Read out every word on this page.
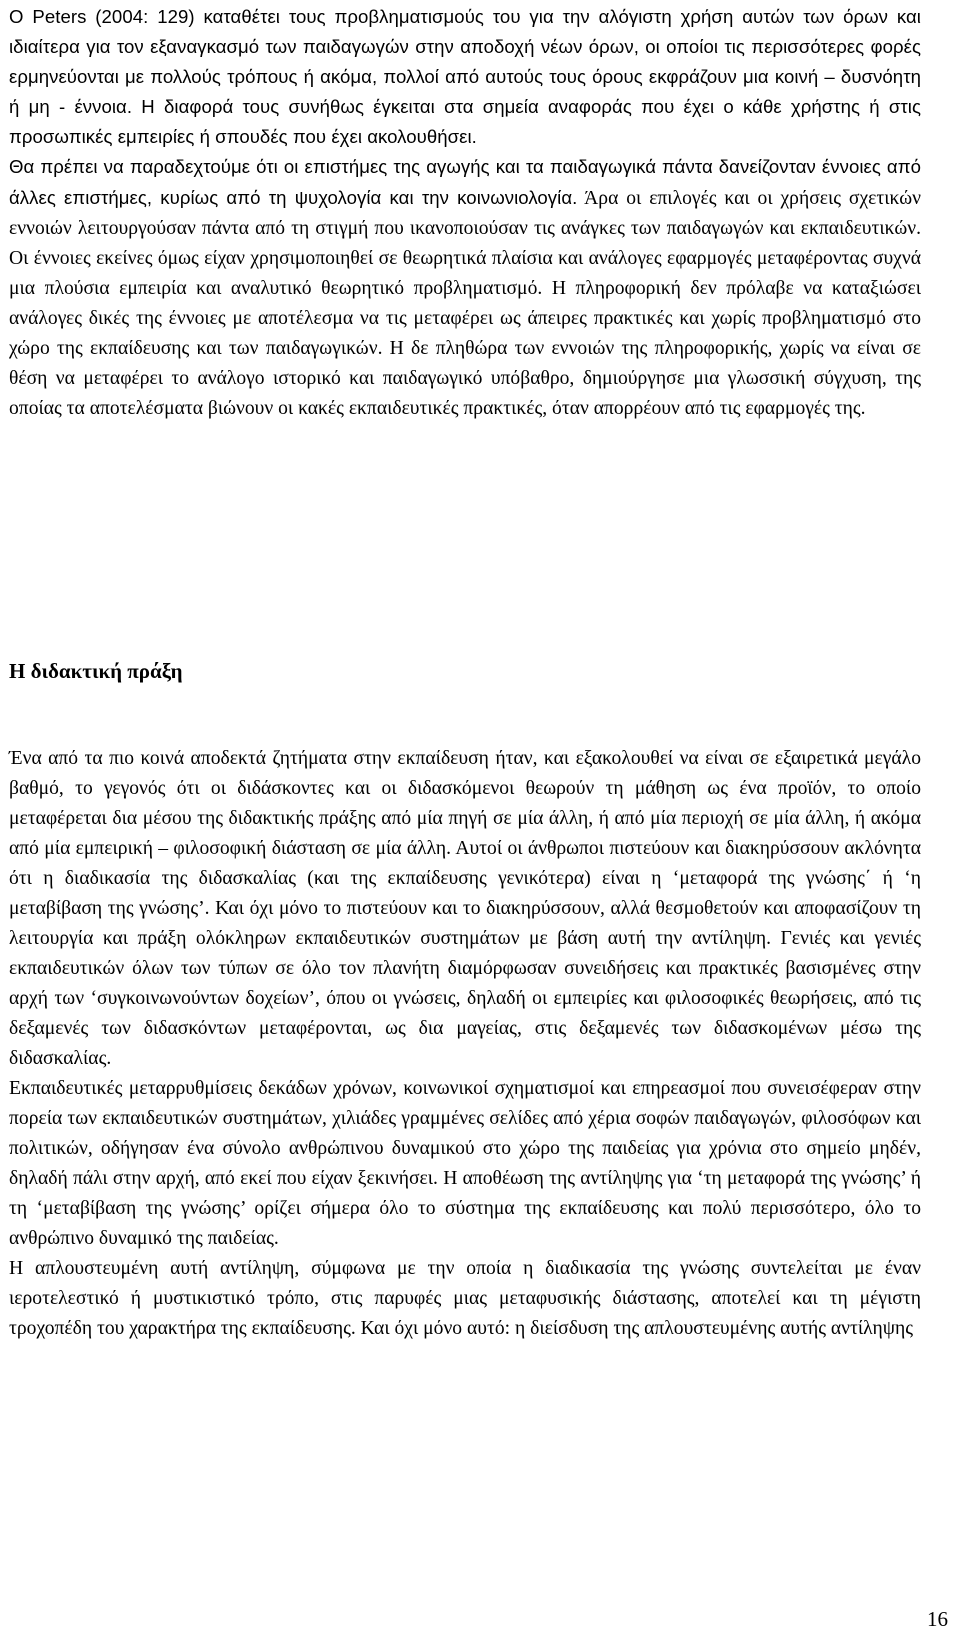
O Peters (2004: 129) καταθέτει τους προβληματισμούς του για την αλόγιστη χρήση αυτών των όρων και ιδιαίτερα για τον εξαναγκασμό των παιδαγωγών στην αποδοχή νέων όρων, οι οποίοι τις περισσότερες φορές ερμηνεύονται με πολλούς τρόπους ή ακόμα, πολλοί από αυτούς τους όρους εκφράζουν μια κοινή – δυσνόητη ή μη - έννοια. Η διαφορά τους συνήθως έγκειται στα σημεία αναφοράς που έχει ο κάθε χρήστης ή στις προσωπικές εμπειρίες ή σπουδές που έχει ακολουθήσει.

Θα πρέπει να παραδεχτούμε ότι οι επιστήμες της αγωγής και τα παιδαγωγικά πάντα δανείζονταν έννοιες από άλλες επιστήμες, κυρίως από τη ψυχολογία και την κοινωνιολογία. Άρα οι επιλογές και οι χρήσεις σχετικών εννοιών λειτουργούσαν πάντα από τη στιγμή που ικανοποιούσαν τις ανάγκες των παιδαγωγών και εκπαιδευτικών. Οι έννοιες εκείνες όμως είχαν χρησιμοποιηθεί σε θεωρητικά πλαίσια και ανάλογες εφαρμογές μεταφέροντας συχνά μια πλούσια εμπειρία και αναλυτικό θεωρητικό προβληματισμό. Η πληροφορική δεν πρόλαβε να καταξιώσει ανάλογες δικές της έννοιες με αποτέλεσμα να τις μεταφέρει ως άπειρες πρακτικές και χωρίς προβληματισμό στο χώρο της εκπαίδευσης και των παιδαγωγικών. Η δε πληθώρα των εννοιών της πληροφορικής, χωρίς να είναι σε θέση να μεταφέρει το ανάλογο ιστορικό και παιδαγωγικό υπόβαθρο, δημιούργησε μια γλωσσική σύγχυση, της οποίας τα αποτελέσματα βιώνουν οι κακές εκπαιδευτικές πρακτικές, όταν απορρέουν από τις εφαρμογές της.

Η διδακτική πράξη

Ένα από τα πιο κοινά αποδεκτά ζητήματα στην εκπαίδευση ήταν, και εξακολουθεί να είναι σε εξαιρετικά μεγάλο βαθμό, το γεγονός ότι οι διδάσκοντες και οι διδασκόμενοι θεωρούν τη μάθηση ως ένα προϊόν, το οποίο μεταφέρεται δια μέσου της διδακτικής πράξης από μία πηγή σε μία άλλη, ή από μία περιοχή σε μία άλλη, ή ακόμα από μία εμπειρική – φιλοσοφική διάσταση σε μία άλλη. Αυτοί οι άνθρωποι πιστεύουν και διακηρύσσουν ακλόνητα ότι η διαδικασία της διδασκαλίας (και της εκπαίδευσης γενικότερα) είναι η ‘μεταφορά της γνώσης΄ ή ‘η μεταβίβαση της γνώσης’. Και όχι μόνο το πιστεύουν και το διακηρύσσουν, αλλά θεσμοθετούν και αποφασίζουν τη λειτουργία και πράξη ολόκληρων εκπαιδευτικών συστημάτων με βάση αυτή την αντίληψη. Γενιές και γενιές εκπαιδευτικών όλων των τύπων σε όλο τον πλανήτη διαμόρφωσαν συνειδήσεις και πρακτικές βασισμένες στην αρχή των ‘συγκοινωνούντων δοχείων’, όπου οι γνώσεις, δηλαδή οι εμπειρίες και φιλοσοφικές θεωρήσεις, από τις δεξαμενές των διδασκόντων μεταφέρονται, ως δια μαγείας, στις δεξαμενές των διδασκομένων μέσω της διδασκαλίας.

Εκπαιδευτικές μεταρρυθμίσεις δεκάδων χρόνων, κοινωνικοί σχηματισμοί και επηρεασμοί που συνεισέφεραν στην πορεία των εκπαιδευτικών συστημάτων, χιλιάδες γραμμένες σελίδες από χέρια σοφών παιδαγωγών, φιλοσόφων και πολιτικών, οδήγησαν ένα σύνολο ανθρώπινου δυναμικού στο χώρο της παιδείας για χρόνια στο σημείο μηδέν, δηλαδή πάλι στην αρχή, από εκεί που είχαν ξεκινήσει. Η αποθέωση της αντίληψης για ‘τη μεταφορά της γνώσης’ ή τη ‘μεταβίβαση της γνώσης’ ορίζει σήμερα όλο το σύστημα της εκπαίδευσης και πολύ περισσότερο, όλο το ανθρώπινο δυναμικό της παιδείας.

Η απλουστευμένη αυτή αντίληψη, σύμφωνα με την οποία η διαδικασία της γνώσης συντελείται με έναν ιεροτελεστικό ή μυστικιστικό τρόπο, στις παρυφές μιας μεταφυσικής διάστασης, αποτελεί και τη μέγιστη τροχοπέδη του χαρακτήρα της εκπαίδευσης. Και όχι μόνο αυτό: η διείσδυση της απλουστευμένης αυτής αντίληψης

16
